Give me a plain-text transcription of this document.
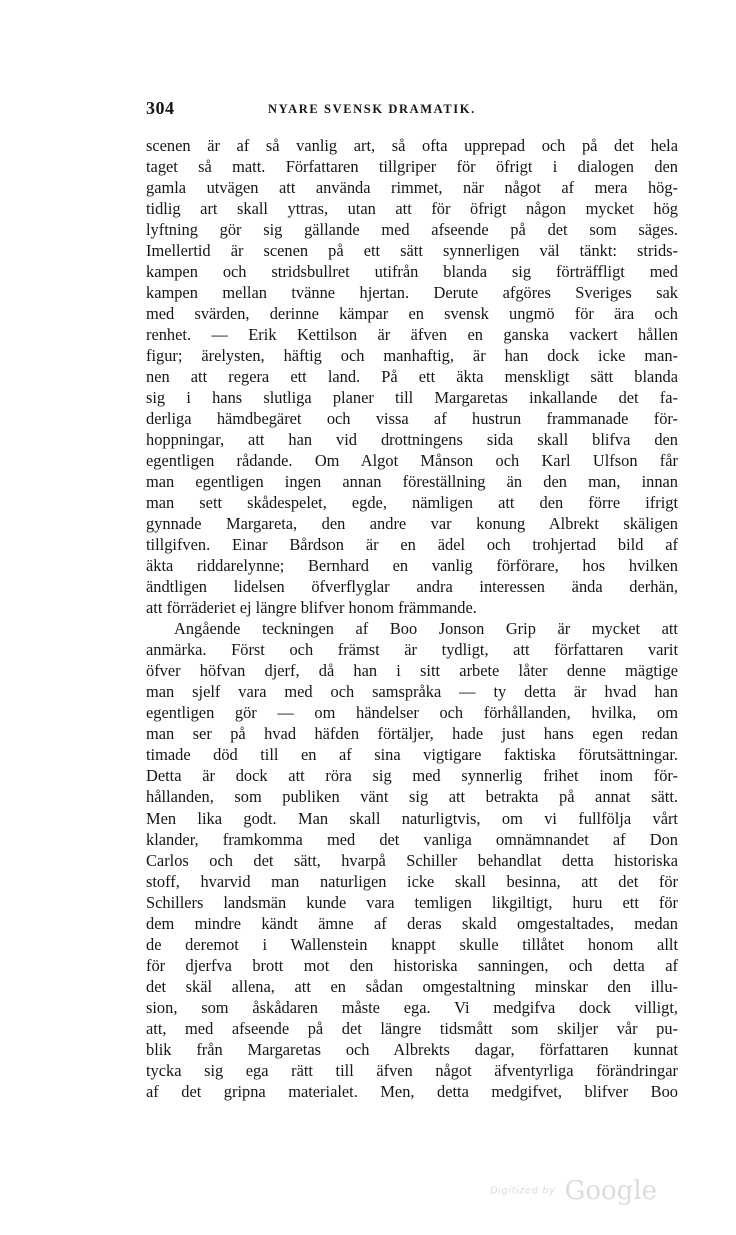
304	NYARE SVENSK DRAMATIK.
scenen är af så vanlig art, så ofta upprepad och på det hela
taget så matt. Författaren tillgriper för öfrigt i dialogen den
gamla utvägen att använda rimmet, när något af mera hög-
tidlig art skall yttras, utan att för öfrigt någon mycket hög
lyftning gör sig gällande med afseende på det som säges.
Imellertid är scenen på ett sätt synnerligen väl tänkt: strids-
kampen och stridsbullret utifrån blanda sig förträffligt med
kampen mellan tvänne hjertan. Derute afgöres Sveriges sak
med svärden, derinne kämpar en svensk ungmö för ära och
renhet. — Erik Kettilson är äfven en ganska vackert hållen
figur; ärelysten, häftig och manhaftig, är han dock icke man-
nen att regera ett land. På ett äkta menskligt sätt blanda
sig i hans slutliga planer till Margaretas inkallande det fa-
derliga hämdbegäret och vissa af hustrun frammanade för-
hoppningar, att han vid drottningens sida skall blifva den
egentligen rådande. Om Algot Månson och Karl Ulfson får
man egentligen ingen annan föreställning än den man, innan
man sett skådespelet, egde, nämligen att den förre ifrigt
gynnade Margareta, den andre var konung Albrekt skäligen
tillgifven. Einar Bårdson är en ädel och trohjertad bild af
äkta riddarelynne; Bernhard en vanlig förförare, hos hvilken
ändtligen lidelsen öfverflyglar andra interessen ända derhän,
att förräderiet ej längre blifver honom främmande.
Angående teckningen af Boo Jonson Grip är mycket att
anmärka. Först och främst är tydligt, att författaren varit
öfver höfvan djerf, då han i sitt arbete låter denne mägtige
man sjelf vara med och samspråka — ty detta är hvad han
egentligen gör — om händelser och förhållanden, hvilka, om
man ser på hvad häfden förtäljer, hade just hans egen redan
timade död till en af sina vigtigare faktiska förutsättningar.
Detta är dock att röra sig med synnerlig frihet inom för-
hållanden, som publiken vänt sig att betrakta på annat sätt.
Men lika godt. Man skall naturligtvis, om vi fullfölja vårt
klander, framkomma med det vanliga omnämnandet af Don
Carlos och det sätt, hvarpå Schiller behandlat detta historiska
stoff, hvarvid man naturligen icke skall besinna, att det för
Schillers landsmän kunde vara temligen likgiltigt, huru ett för
dem mindre kändt ämne af deras skald omgestaltades, medan
de deremot i Wallenstein knappt skulle tillåtet honom allt
för djerfva brott mot den historiska sanningen, och detta af
det skäl allena, att en sådan omgestaltning minskar den illu-
sion, som åskådaren måste ega. Vi medgifva dock villigt,
att, med afseende på det längre tidsmått som skiljer vår pu-
blik från Margaretas och Albrekts dagar, författaren kunnat
tycka sig ega rätt till äfven något äfventyrliga förändringar
af det gripna materialet. Men, detta medgifvet, blifver Boo
Digitized by Google
